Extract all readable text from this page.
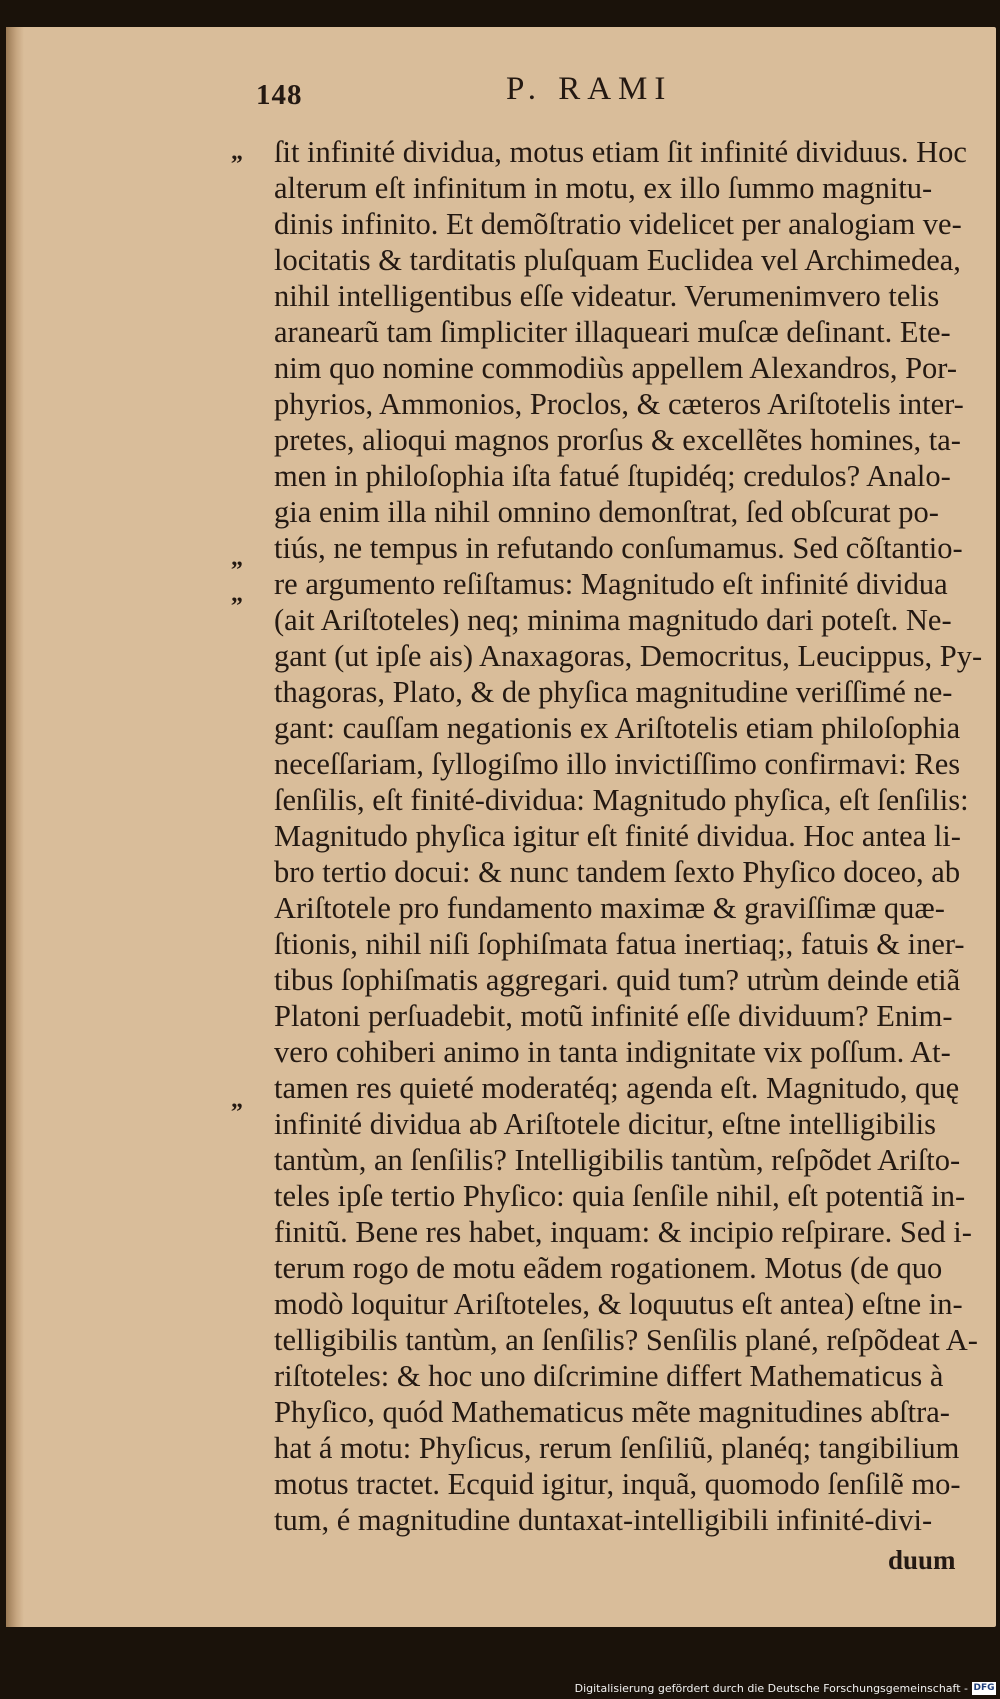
148	P. RAMI
„
„
„
„
ſit infinité dividua, motus etiam ſit infinité dividuus. Hoc
alterum eſt infinitum in motu, ex illo ſummo magnitu-
dinis infinito. Et demõſtratio videlicet per analogiam ve-
locitatis & tarditatis pluſquam Euclidea vel Archimedea,
nihil intelligentibus eſſe videatur. Verumenimvero telis
aranearũ tam ſimpliciter illaqueari muſcæ deſinant. Ete-
nim quo nomine commodiùs appellem Alexandros, Por-
phyrios, Ammonios, Proclos, & cæteros Ariſtotelis inter-
pretes, alioqui magnos prorſus & excellẽtes homines, ta-
men in philoſophia iſta fatué ſtupidéq; credulos? Analo-
gia enim illa nihil omnino demonſtrat, ſed obſcurat po-
tiús, ne tempus in refutando conſumamus. Sed cõſtantio-
re argumento reſiſtamus: Magnitudo eſt infinité dividua
(ait Ariſtoteles) neq; minima magnitudo dari poteſt. Ne-
gant (ut ipſe ais) Anaxagoras, Democritus, Leucippus, Py-
thagoras, Plato, & de phyſica magnitudine veriſſimé ne-
gant: cauſſam negationis ex Ariſtotelis etiam philoſophia
neceſſariam, ſyllogiſmo illo invictiſſimo confirmavi: Res
ſenſilis, eſt finité-dividua: Magnitudo phyſica, eſt ſenſilis:
Magnitudo phyſica igitur eſt finité dividua. Hoc antea li-
bro tertio docui: & nunc tandem ſexto Phyſico doceo, ab
Ariſtotele pro fundamento maximæ & graviſſimæ quæ-
ſtionis, nihil niſi ſophiſmata fatua inertiaq;, fatuis & iner-
tibus ſophiſmatis aggregari. quid tum? utrùm deinde etiã
Platoni perſuadebit, motũ infinité eſſe dividuum? Enim-
vero cohiberi animo in tanta indignitate vix poſſum. At-
tamen res quieté moderatéq; agenda eſt. Magnitudo, quę
infinité dividua ab Ariſtotele dicitur, eſtne intelligibilis
tantùm, an ſenſilis? Intelligibilis tantùm, reſpõdet Ariſto-
teles ipſe tertio Phyſico: quia ſenſile nihil, eſt potentiã in-
finitũ. Bene res habet, inquam: & incipio reſpirare. Sed i-
terum rogo de motu eãdem rogationem. Motus (de quo
modò loquitur Ariſtoteles, & loquutus eſt antea) eſtne in-
telligibilis tantùm, an ſenſilis? Senſilis plané, reſpõdeat A-
riſtoteles: & hoc uno diſcrimine differt Mathematicus à
Phyſico, quód Mathematicus mẽte magnitudines abſtra-
hat á motu: Phyſicus, rerum ſenſiliũ, planéq; tangibilium
motus tractet. Ecquid igitur, inquã, quomodo ſenſilẽ mo-
tum, é magnitudine duntaxat-intelligibili infinité-divi-
duum
Digitalisierung gefördert durch die Deutsche Forschungsgemeinschaft - DFG
